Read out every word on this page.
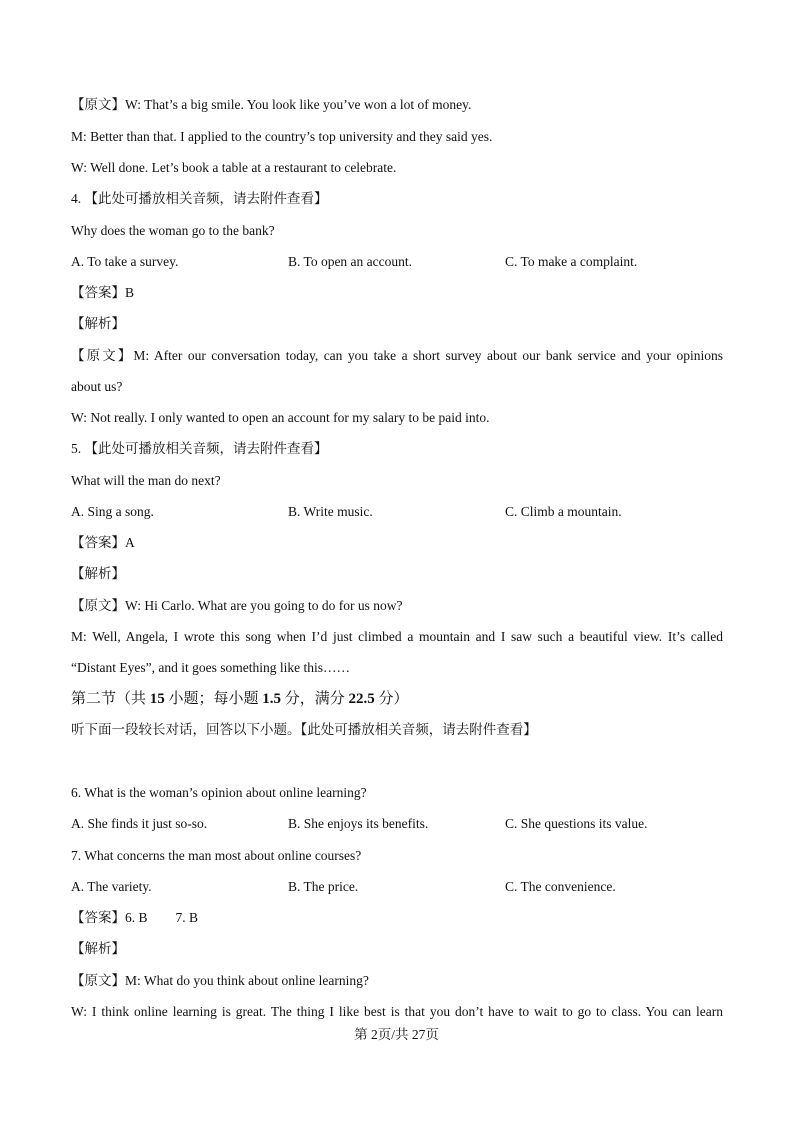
【原文】W: That’s a big smile. You look like you’ve won a lot of money.
M: Better than that. I applied to the country’s top university and they said yes.
W: Well done. Let’s book a table at a restaurant to celebrate.
4. 【此处可播放相关音频，请去附件查看】
Why does the woman go to the bank?
A. To take a survey.	B. To open an account.	C. To make a complaint.
【答案】B
【解析】
【原文】M: After our conversation today, can you take a short survey about our bank service and your opinions
about us?
W: Not really. I only wanted to open an account for my salary to be paid into.
5. 【此处可播放相关音频，请去附件查看】
What will the man do next?
A. Sing a song.	B. Write music.	C. Climb a mountain.
【答案】A
【解析】
【原文】W: Hi Carlo. What are you going to do for us now?
M: Well, Angela, I wrote this song when I’d just climbed a mountain and I saw such a beautiful view. It’s called
“Distant Eyes”, and it goes something like this……
第二节（共 15 小题；每小题 1.5 分，满分 22.5 分）
听下面一段较长对话，回答以下小题。【此处可播放相关音频，请去附件查看】
6. What is the woman’s opinion about online learning?
A. She finds it just so-so.	B. She enjoys its benefits.	C. She questions its value.
7. What concerns the man most about online courses?
A. The variety.	B. The price.	C. The convenience.
【答案】6. B 7. B
【解析】
【原文】M: What do you think about online learning?
W: I think online learning is great. The thing I like best is that you don’t have to wait to go to class. You can learn
第 2页/共 27页
